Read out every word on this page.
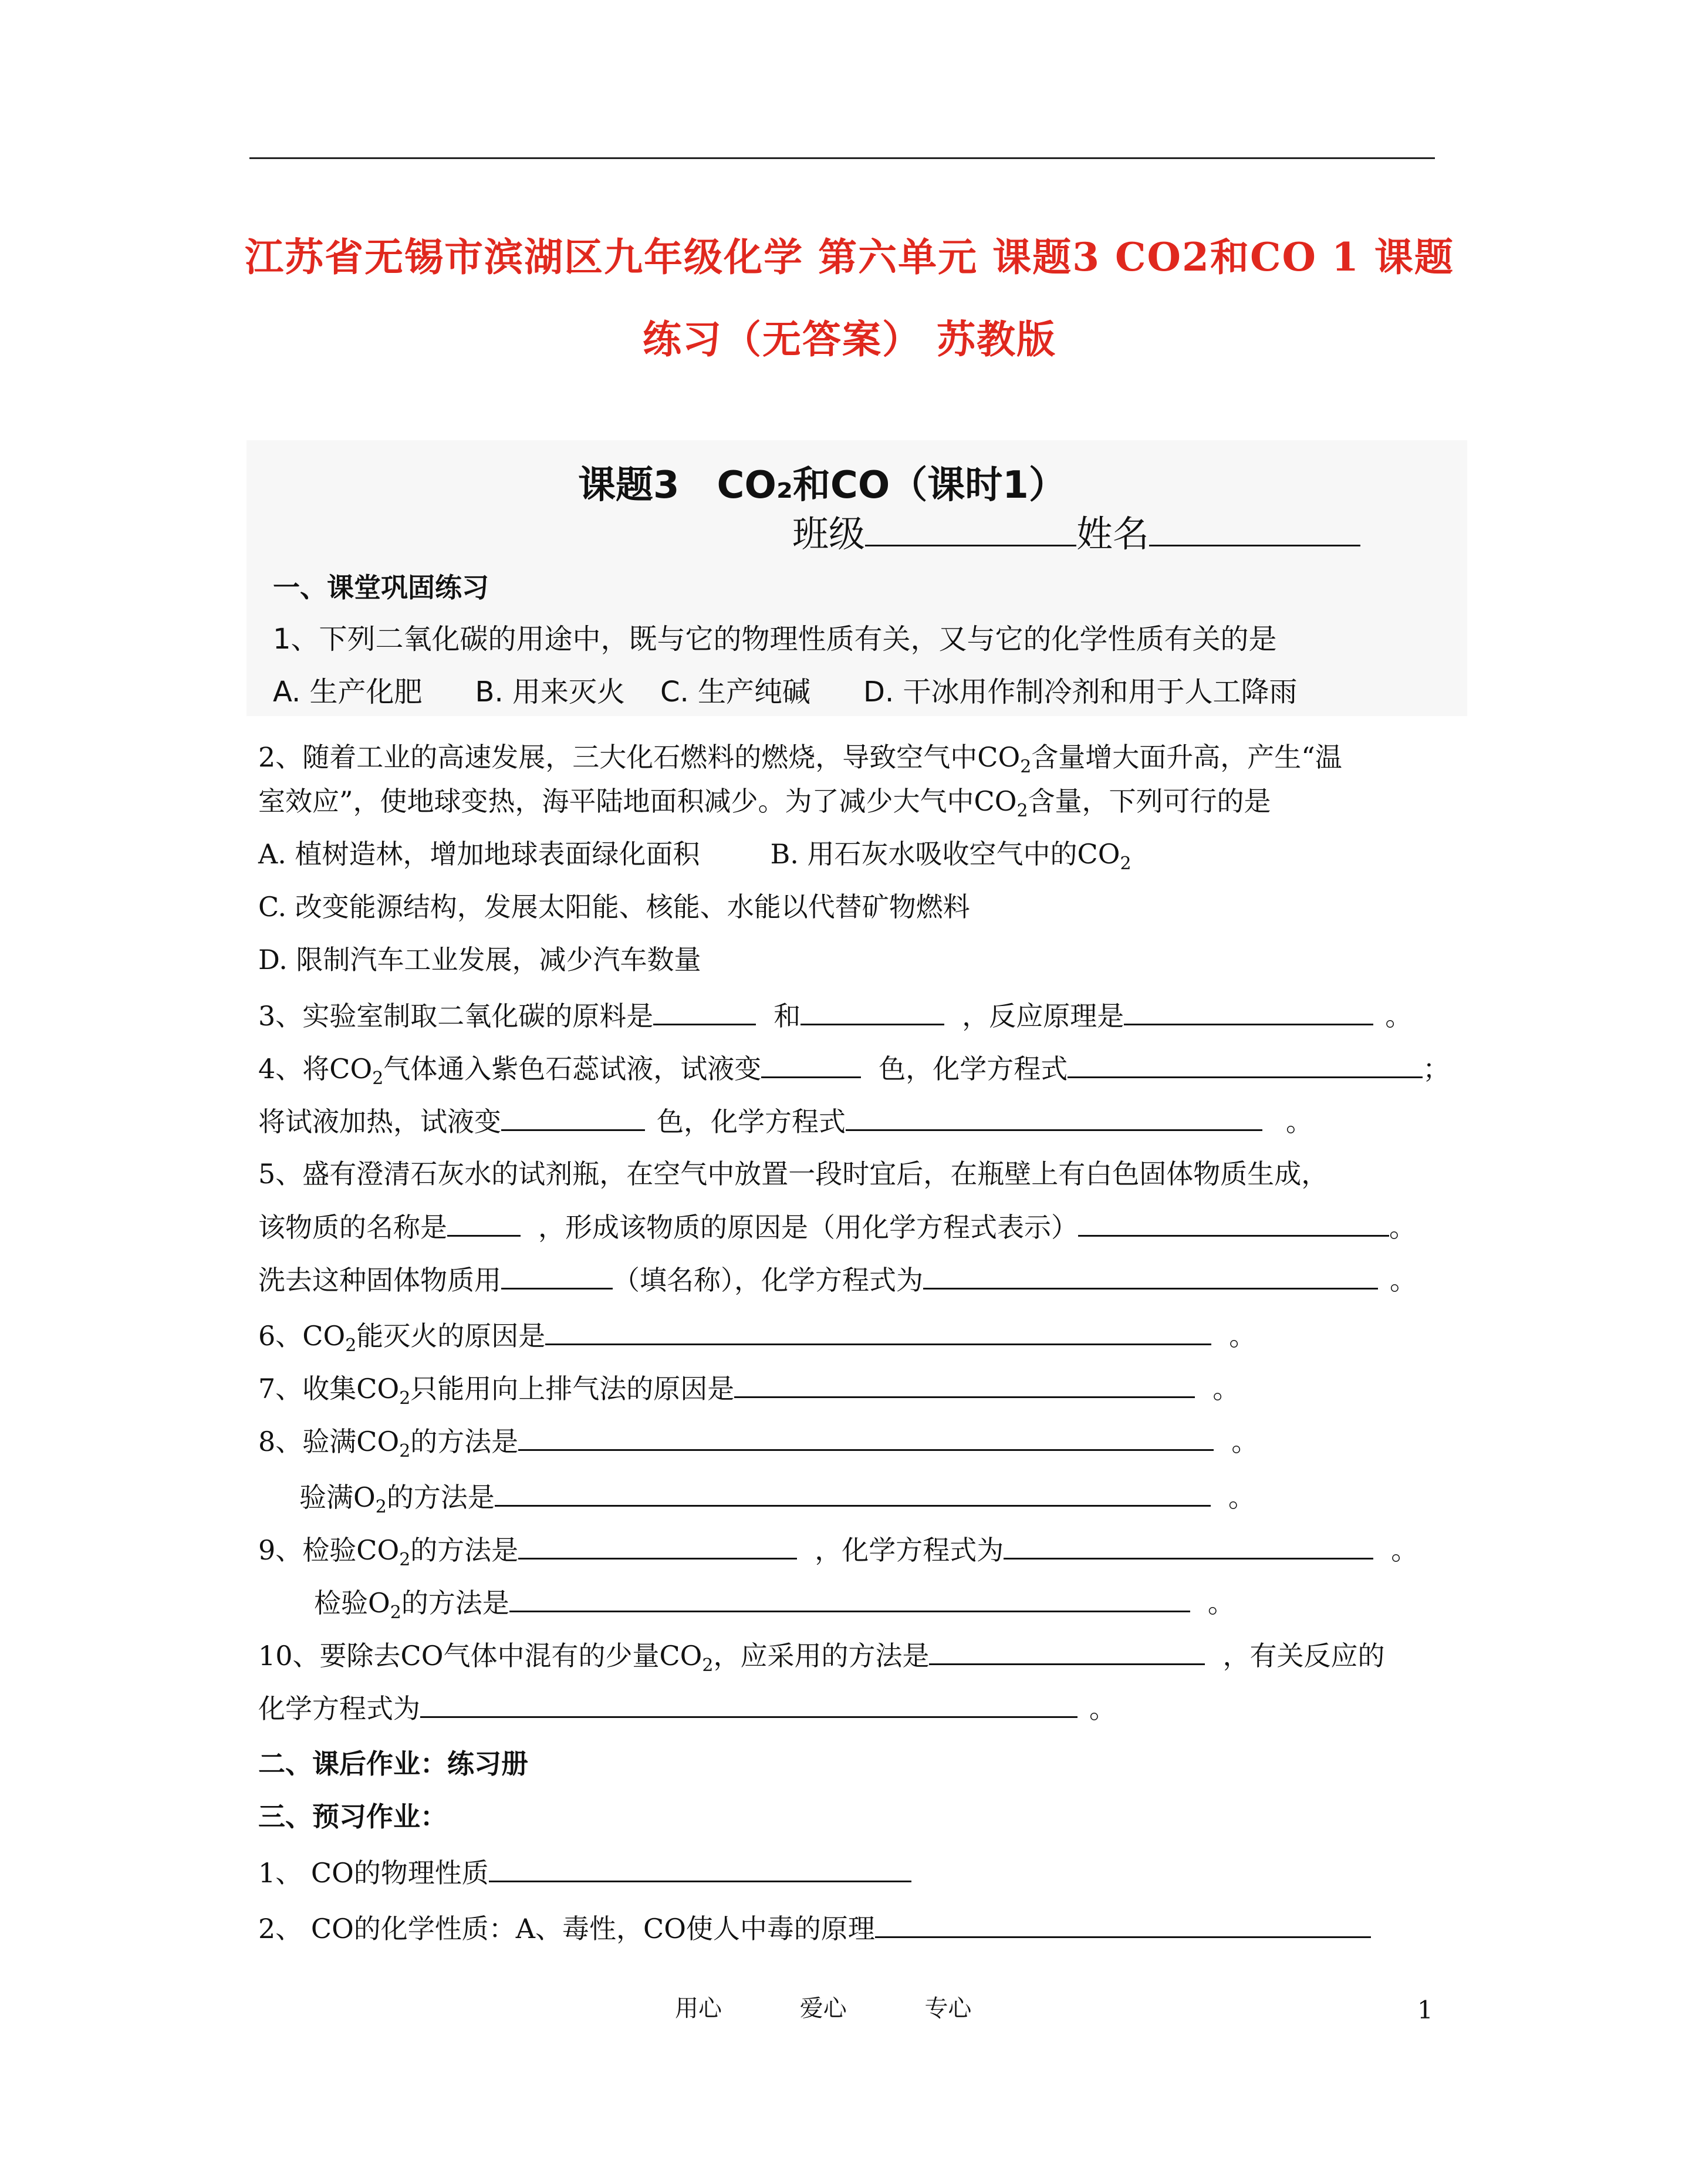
江苏省无锡市滨湖区九年级化学 第六单元 课题3 CO2和CO 1 课题
练习（无答案） 苏教版
课题3　CO₂和CO（课时1）
班级	姓名
一、课堂巩固练习
1、下列二氧化碳的用途中，既与它的物理性质有关，又与它的化学性质有关的是
A. 生产化肥 B. 用来灭火 C. 生产纯碱 D. 干冰用作制冷剂和用于人工降雨
2、随着工业的高速发展，三大化石燃料的燃烧，导致空气中$CO_2$含量增大面升高，产生“温
室效应”，使地球变热，海平陆地面积减少。为了减少大气中$CO_2$含量，下列可行的是
A. 植树造林，增加地球表面绿化面积	B. 用石灰水吸收空气中的$CO_2$
C. 改变能源结构，发展太阳能、核能、水能以代替矿物燃料
D. 限制汽车工业发展，减少汽车数量
3、实验室制取二氧化碳的原料是	和	，反应原理是	。
4、将$CO_2$气体通入紫色石蕊试液，试液变	色，化学方程式	；
将试液加热，试液变	色，化学方程式	。
5、盛有澄清石灰水的试剂瓶，在空气中放置一段时宜后，在瓶壁上有白色固体物质生成，
该物质的名称是	，形成该物质的原因是（用化学方程式表示）	。
洗去这种固体物质用	（填名称），化学方程式为	。
6、$CO_2$能灭火的原因是	。
7、收集$CO_2$只能用向上排气法的原因是	。
8、验满$CO_2$的方法是	。
验满$O_2$的方法是	。
9、检验$CO_2$的方法是	，化学方程式为	。
检验$O_2$的方法是	。
10、要除去CO气体中混有的少量$CO_2$，应采用的方法是	，有关反应的
化学方程式为	。
二、课后作业：练习册
三、预习作业：
1、 CO的物理性质
2、 CO的化学性质：A、毒性，CO使人中毒的原理
用心	爱心	专心	1
